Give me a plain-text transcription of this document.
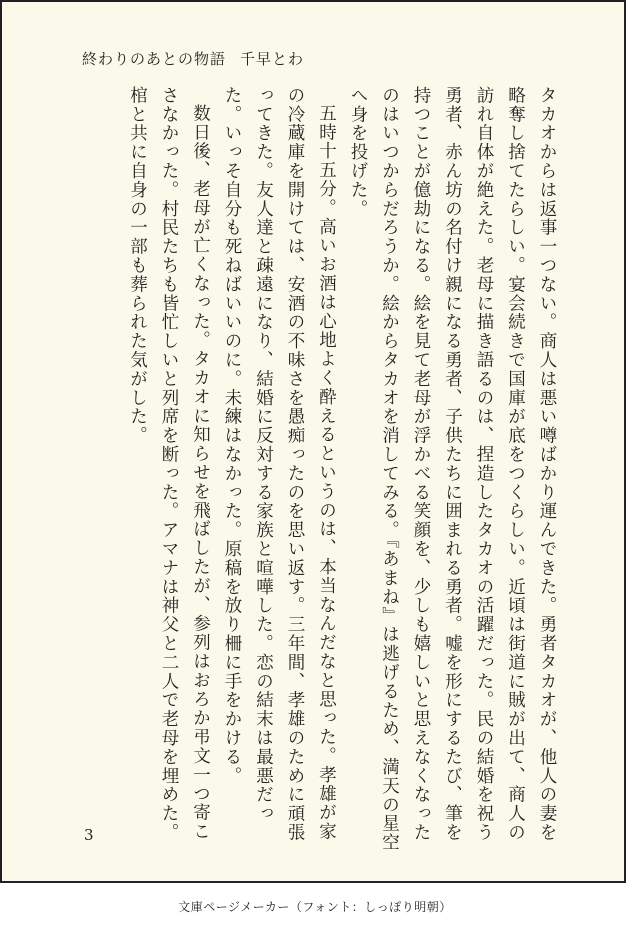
終わりのあとの物語 千早とわ

タカオからは返事一つない。商人は悪い噂ばかり運んできた。勇者タカオが、他人の妻を略奪し捨てたらしい。宴会続きで国庫が底をつくらしい。近頃は街道に賊が出て、商人の訪れ自体が絶えた。老母に描き語るのは、捏造したタカオの活躍だった。民の結婚を祝う勇者、赤ん坊の名付け親になる勇者、子供たちに囲まれる勇者。嘘を形にするたび、筆を持つことが億劫になる。絵を見て老母が浮かべる笑顔を、少しも嬉しいと思えなくなったのはいつからだろうか。絵からタカオを消してみる。『あまね』は逃げるため、満天の星空へ身を投げた。

五時十五分。高いお酒は心地よく酔えるというのは、本当なんだなと思った。孝雄が家の冷蔵庫を開けては、安酒の不味さを愚痴ったのを思い返す。三年間、孝雄のために頑張ってきた。友人達と疎遠になり、結婚に反対する家族と喧嘩した。恋の結末は最悪だった。いっそ自分も死ねばいいのに。未練はなかった。原稿を放り柵に手をかける。

数日後、老母が亡くなった。タカオに知らせを飛ばしたが、参列はおろか弔文一つ寄こさなかった。村民たちも皆忙しいと列席を断った。アマナは神父と二人で老母を埋めた。棺と共に自身の一部も葬られた気がした。

3
文庫ページメーカー（フォント：しっぽり明朝）
